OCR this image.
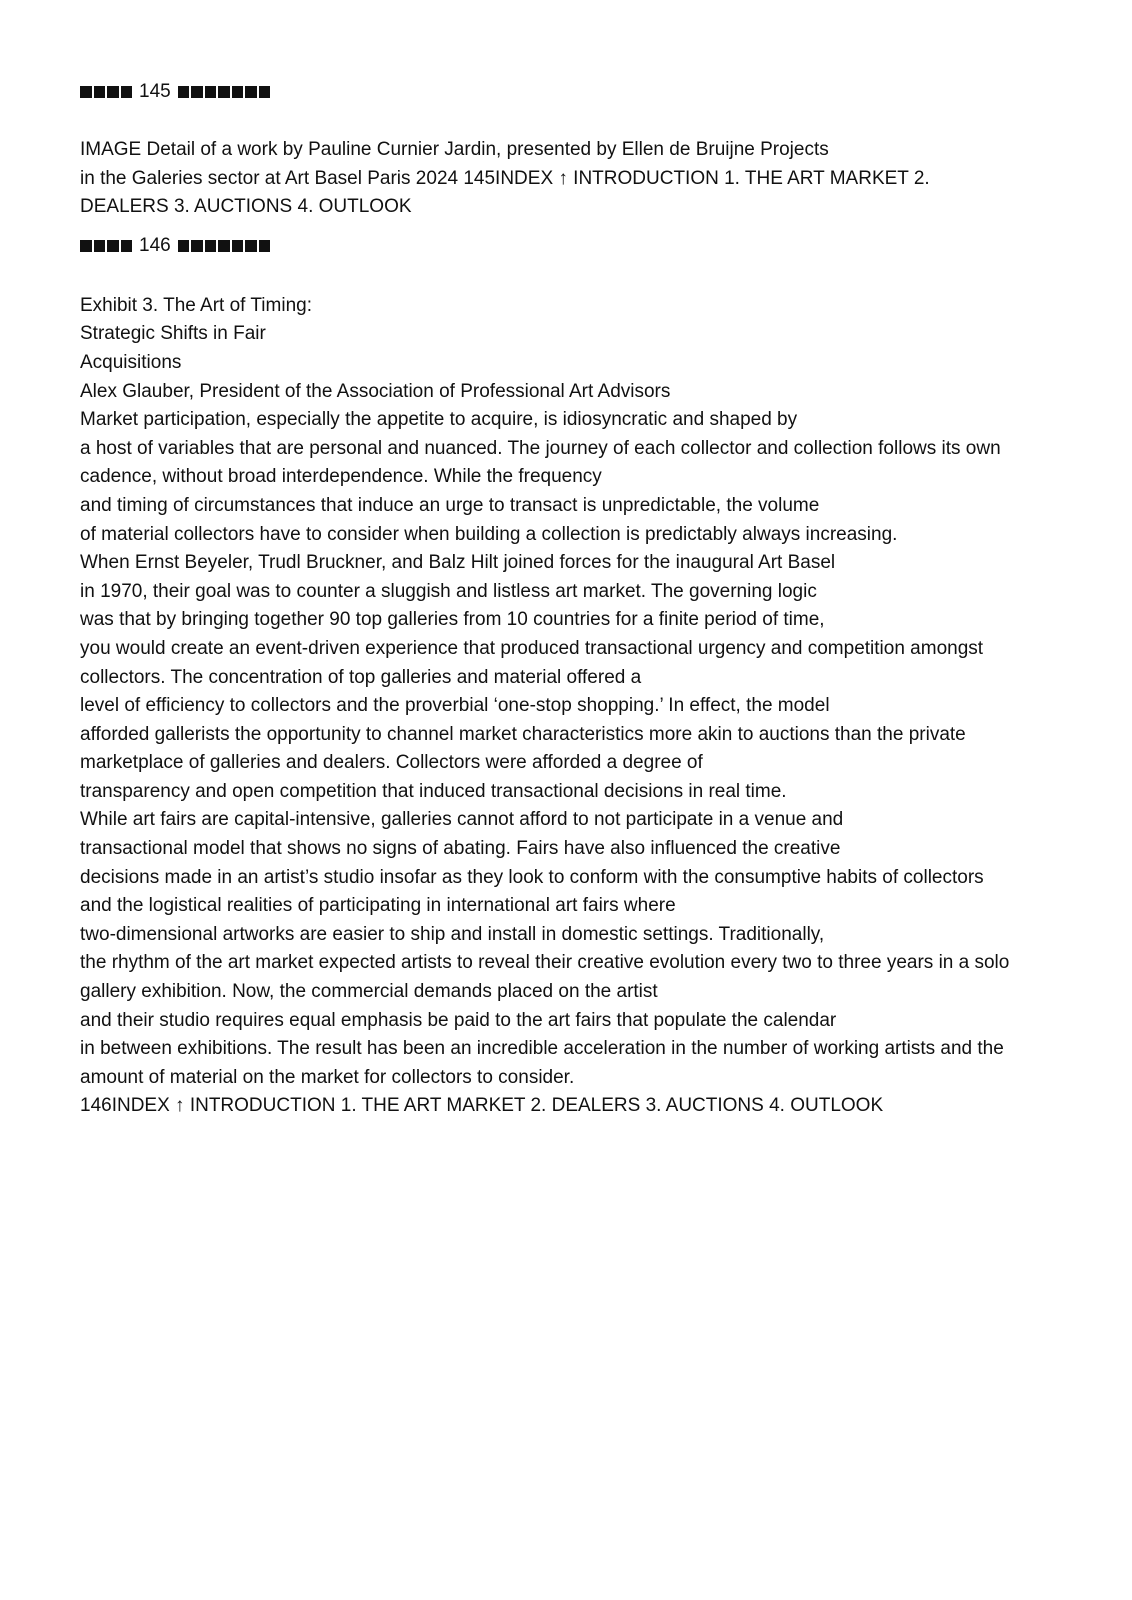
145

IMAGE Detail of a work by Pauline Curnier Jardin, presented by Ellen de Bruijne Projects

in the Galeries sector at Art Basel Paris 2024 145INDEX ↑ INTRODUCTION 1. THE ART MARKET 2.

DEALERS 3. AUCTIONS 4. OUTLOOK

146

Exhibit 3. The Art of Timing:

Strategic Shifts in Fair

Acquisitions

Alex Glauber, President of the Association of Professional Art Advisors

Market participation, especially the appetite to acquire, is idiosyncratic and shaped by

a host of variables that are personal and nuanced. The journey of each collector and collection follows its own

cadence, without broad interdependence. While the frequency

and timing of circumstances that induce an urge to transact is unpredictable, the volume

of material collectors have to consider when building a collection is predictably always increasing.

When Ernst Beyeler, Trudl Bruckner, and Balz Hilt joined forces for the inaugural Art Basel

in 1970, their goal was to counter a sluggish and listless art market. The governing logic

was that by bringing together 90 top galleries from 10 countries for a finite period of time,

you would create an event-driven experience that produced transactional urgency and competition amongst

collectors. The concentration of top galleries and material offered a

level of efficiency to collectors and the proverbial ‘one-stop shopping.’ In effect, the model

afforded gallerists the opportunity to channel market characteristics more akin to auctions than the private

marketplace of galleries and dealers. Collectors were afforded a degree of

transparency and open competition that induced transactional decisions in real time.

While art fairs are capital-intensive, galleries cannot afford to not participate in a venue and

transactional model that shows no signs of abating. Fairs have also influenced the creative

decisions made in an artist’s studio insofar as they look to conform with the consumptive habits of collectors

and the logistical realities of participating in international art fairs where

two-dimensional artworks are easier to ship and install in domestic settings. Traditionally,

the rhythm of the art market expected artists to reveal their creative evolution every two to three years in a solo

gallery exhibition. Now, the commercial demands placed on the artist

and their studio requires equal emphasis be paid to the art fairs that populate the calendar

in between exhibitions. The result has been an incredible acceleration in the number of working artists and the

amount of material on the market for collectors to consider.

146INDEX ↑ INTRODUCTION 1. THE ART MARKET 2. DEALERS 3. AUCTIONS 4. OUTLOOK
